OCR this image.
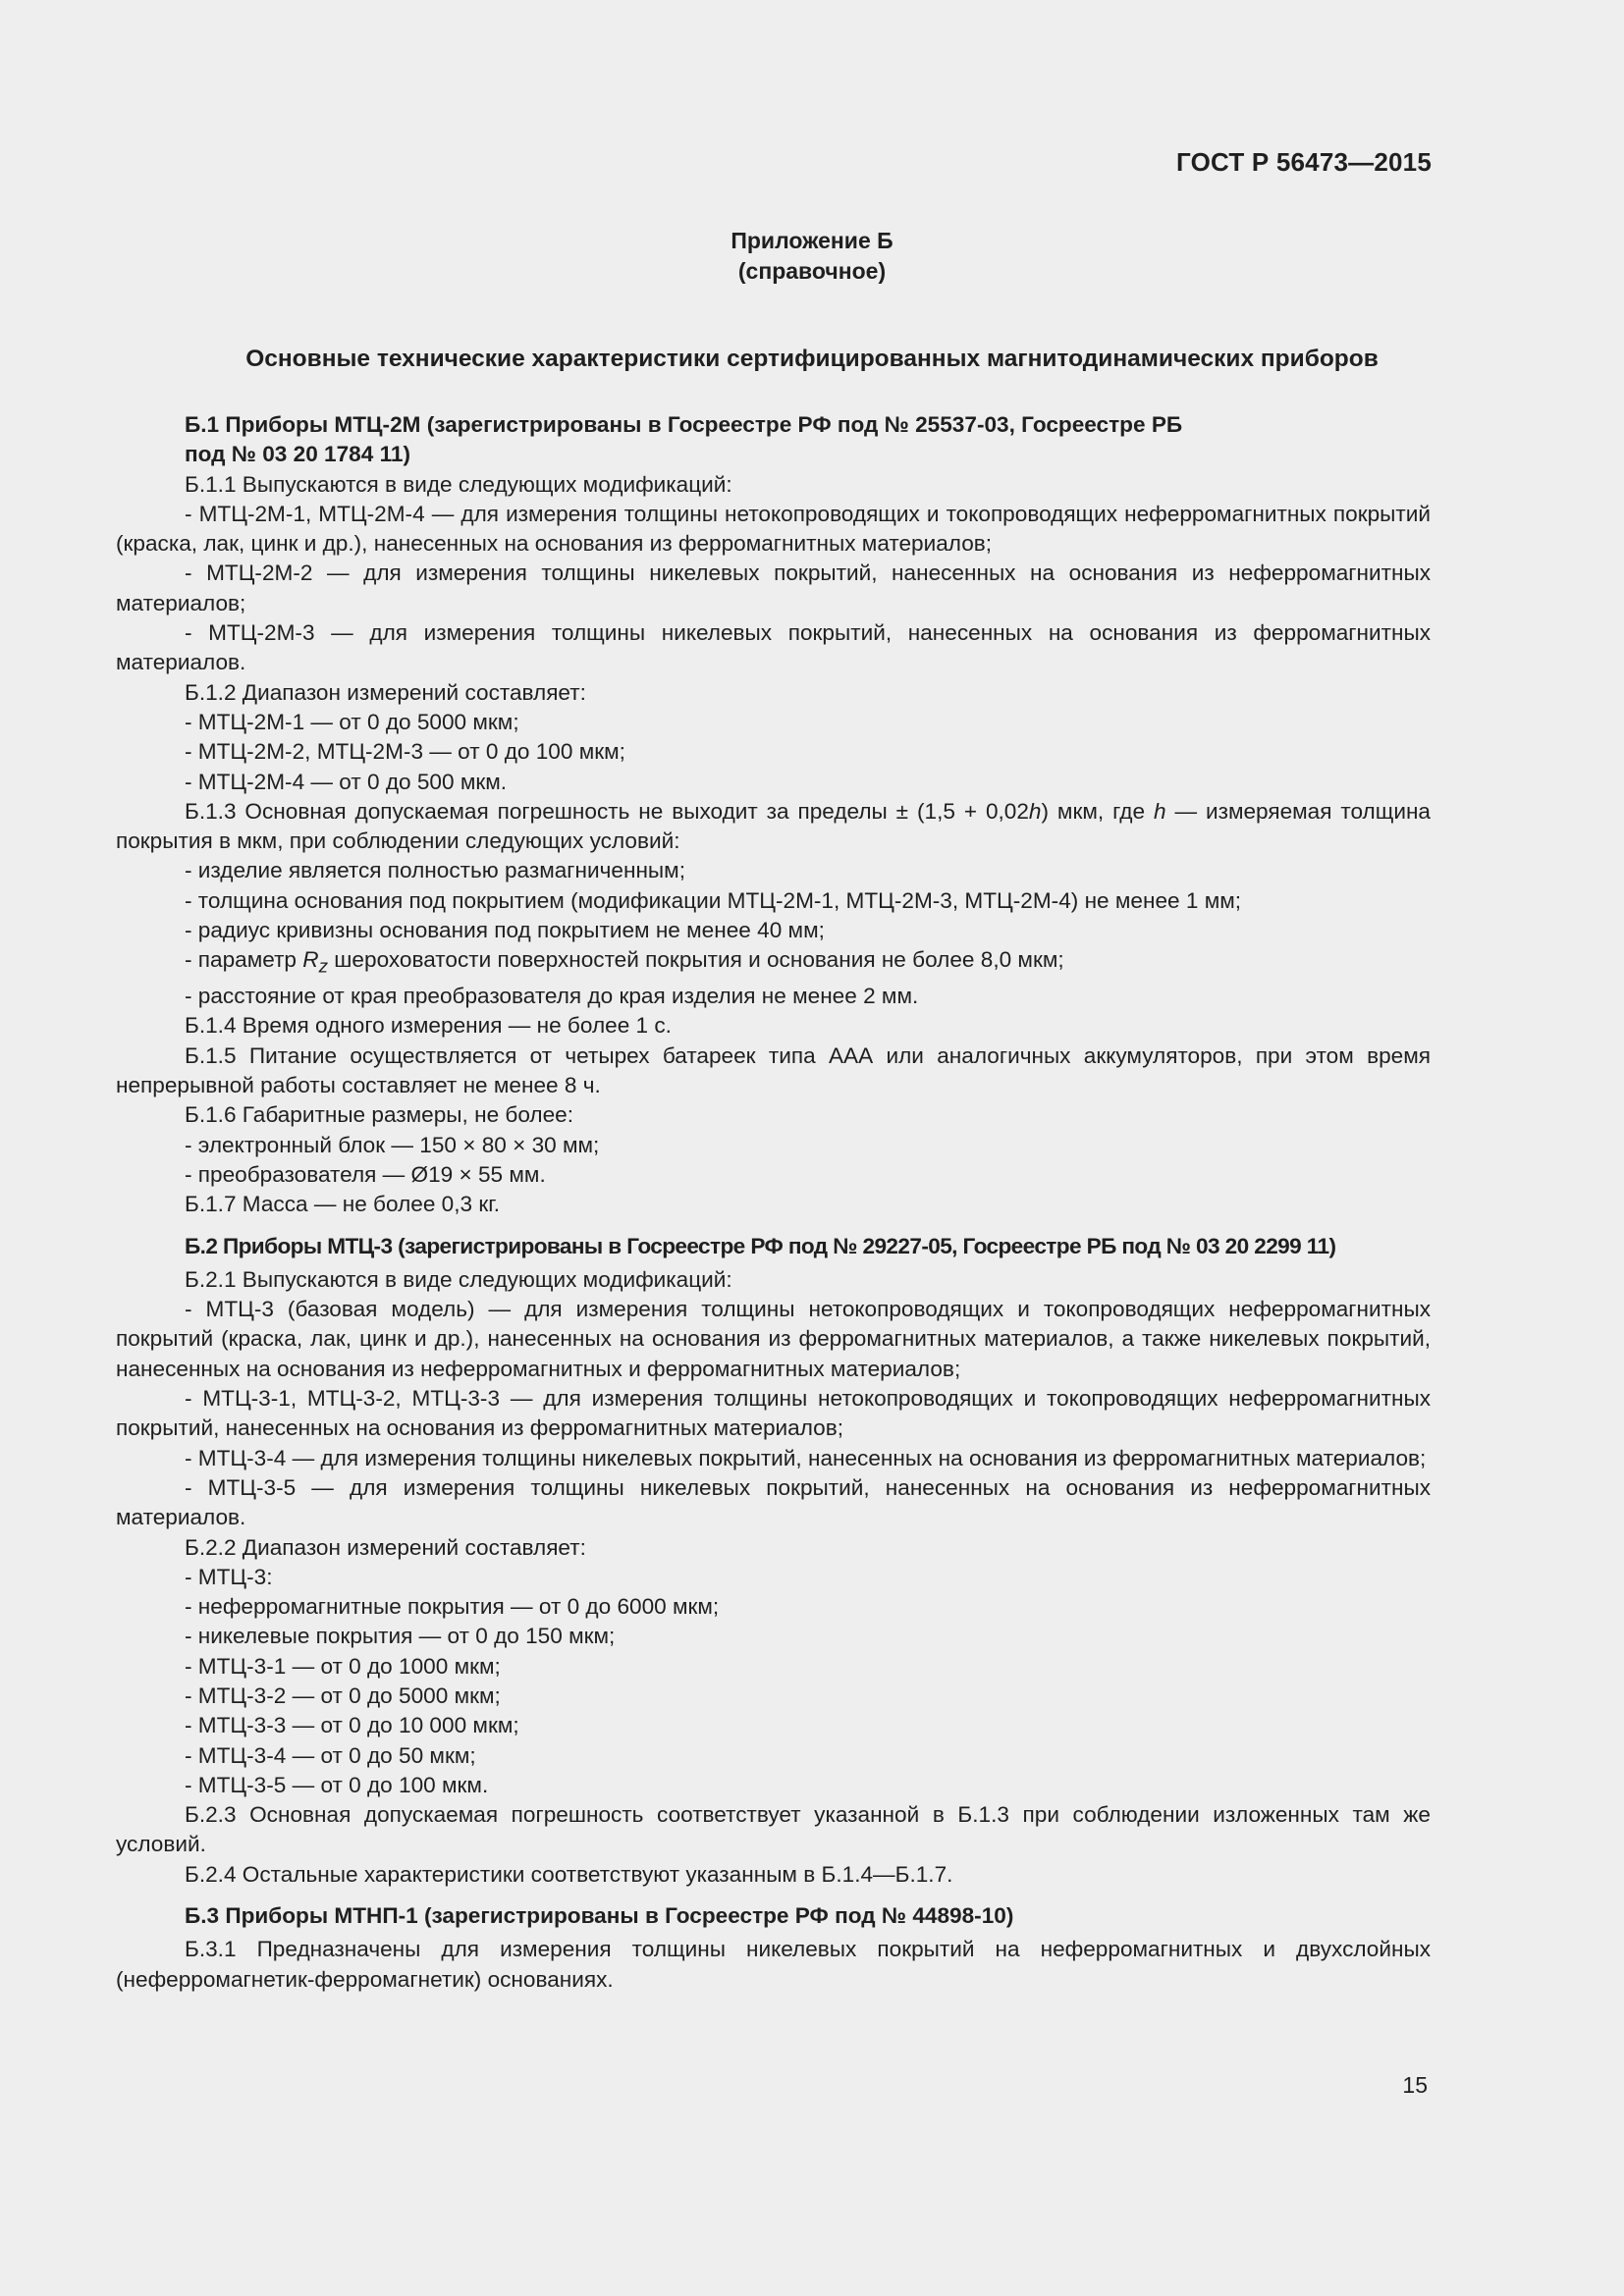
ГОСТ Р 56473—2015
Приложение Б
(справочное)
Основные технические характеристики сертифицированных магнитодинамических приборов
Б.1 Приборы МТЦ-2М (зарегистрированы в Госреестре РФ под № 25537-03, Госреестре РБ
под № 03 20 1784 11)

Б.1.1 Выпускаются в виде следующих модификаций:

- МТЦ-2М-1, МТЦ-2М-4 — для измерения толщины нетокопроводящих и токопроводящих неферромагнитных покрытий (краска, лак, цинк и др.), нанесенных на основания из ферромагнитных материалов;

- МТЦ-2М-2 — для измерения толщины никелевых покрытий, нанесенных на основания из неферромагнитных материалов;

- МТЦ-2М-3 — для измерения толщины никелевых покрытий, нанесенных на основания из ферромагнитных материалов.

Б.1.2 Диапазон измерений составляет:

- МТЦ-2М-1 — от 0 до 5000 мкм;

- МТЦ-2М-2, МТЦ-2М-3 — от 0 до 100 мкм;

- МТЦ-2М-4 — от 0 до 500 мкм.

Б.1.3 Основная допускаемая погрешность не выходит за пределы ± (1,5 + 0,02h) мкм, где h — измеряемая толщина покрытия в мкм, при соблюдении следующих условий:

- изделие является полностью размагниченным;

- толщина основания под покрытием (модификации МТЦ-2М-1, МТЦ-2М-3, МТЦ-2М-4) не менее 1 мм;

- радиус кривизны основания под покрытием не менее 40 мм;

- параметр $R_z$ шероховатости поверхностей покрытия и основания не более 8,0 мкм;

- расстояние от края преобразователя до края изделия не менее 2 мм.

Б.1.4 Время одного измерения — не более 1 с.

Б.1.5 Питание осуществляется от четырех батареек типа ААА или аналогичных аккумуляторов, при этом время непрерывной работы составляет не менее 8 ч.

Б.1.6 Габаритные размеры, не более:

- электронный блок — 150 × 80 × 30 мм;

- преобразователя — Ø19 × 55 мм.

Б.1.7 Масса — не более 0,3 кг.

Б.2 Приборы МТЦ-3 (зарегистрированы в Госреестре РФ под № 29227-05, Госреестре РБ под № 03 20 2299 11)

Б.2.1 Выпускаются в виде следующих модификаций:

- МТЦ-3 (базовая модель) — для измерения толщины нетокопроводящих и токопроводящих неферромагнитных покрытий (краска, лак, цинк и др.), нанесенных на основания из ферромагнитных материалов, а также никелевых покрытий, нанесенных на основания из неферромагнитных и ферромагнитных материалов;

- МТЦ-3-1, МТЦ-3-2, МТЦ-3-3 — для измерения толщины нетокопроводящих и токопроводящих неферромагнитных покрытий, нанесенных на основания из ферромагнитных материалов;

- МТЦ-3-4 — для измерения толщины никелевых покрытий, нанесенных на основания из ферромагнитных материалов;

- МТЦ-3-5 — для измерения толщины никелевых покрытий, нанесенных на основания из неферромагнитных материалов.

Б.2.2 Диапазон измерений составляет:

- МТЦ-3:

- неферромагнитные покрытия — от 0 до 6000 мкм;

- никелевые покрытия — от 0 до 150 мкм;

- МТЦ-3-1 — от 0 до 1000 мкм;

- МТЦ-3-2 — от 0 до 5000 мкм;

- МТЦ-3-3 — от 0 до 10 000 мкм;

- МТЦ-3-4 — от 0 до 50 мкм;

- МТЦ-3-5 — от 0 до 100 мкм.

Б.2.3 Основная допускаемая погрешность соответствует указанной в Б.1.3 при соблюдении изложенных там же условий.

Б.2.4 Остальные характеристики соответствуют указанным в Б.1.4—Б.1.7.

Б.3 Приборы МТНП-1 (зарегистрированы в Госреестре РФ под № 44898-10)

Б.3.1 Предназначены для измерения толщины никелевых покрытий на неферромагнитных и двухслойных (неферромагнетик-ферромагнетик) основаниях.

15
